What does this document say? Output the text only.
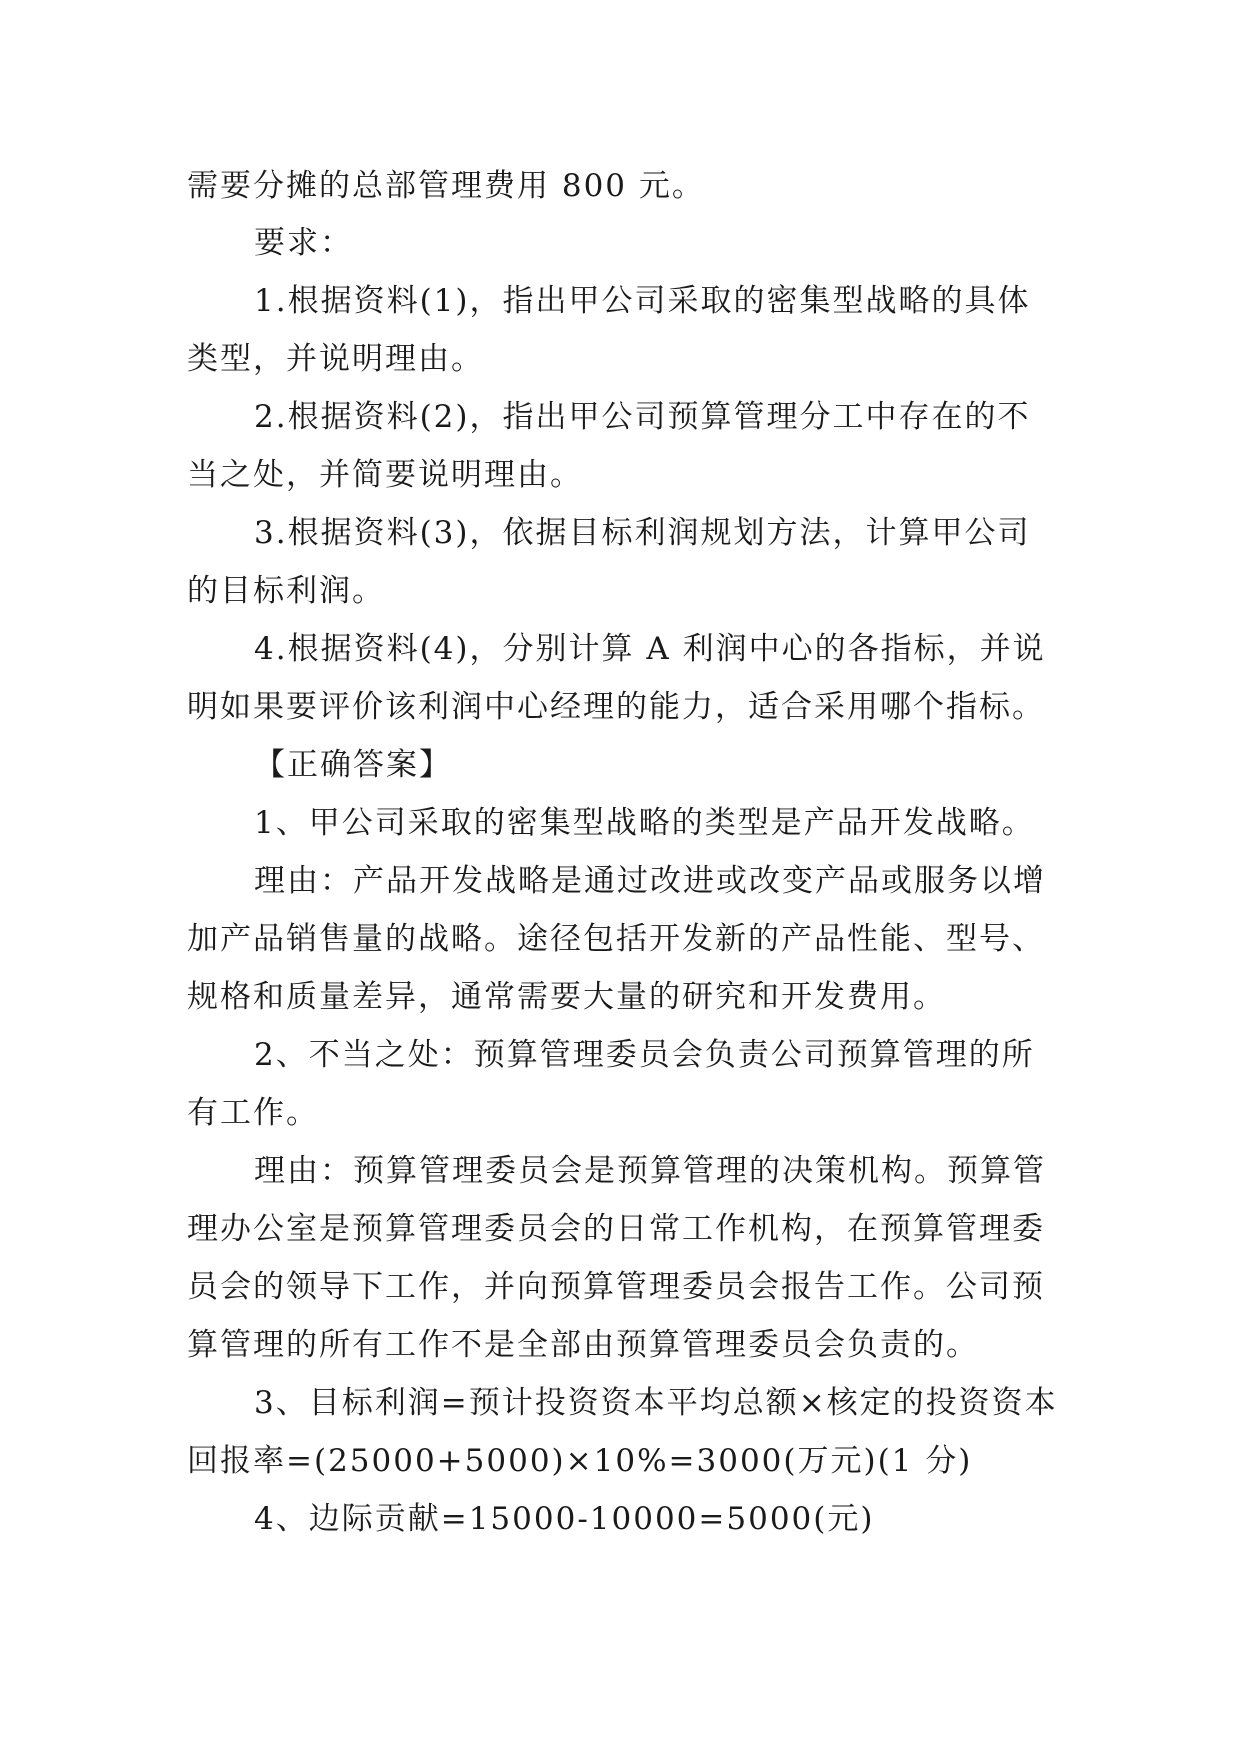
需要分摊的总部管理费用 800 元。
要求：
1.根据资料(1)，指出甲公司采取的密集型战略的具体
类型，并说明理由。
2.根据资料(2)，指出甲公司预算管理分工中存在的不
当之处，并简要说明理由。
3.根据资料(3)，依据目标利润规划方法，计算甲公司
的目标利润。
4.根据资料(4)，分别计算 A 利润中心的各指标，并说
明如果要评价该利润中心经理的能力，适合采用哪个指标。
【正确答案】
1、甲公司采取的密集型战略的类型是产品开发战略。
理由：产品开发战略是通过改进或改变产品或服务以增
加产品销售量的战略。途径包括开发新的产品性能、型号、
规格和质量差异，通常需要大量的研究和开发费用。
2、不当之处：预算管理委员会负责公司预算管理的所
有工作。
理由：预算管理委员会是预算管理的决策机构。预算管
理办公室是预算管理委员会的日常工作机构，在预算管理委
员会的领导下工作，并向预算管理委员会报告工作。公司预
算管理的所有工作不是全部由预算管理委员会负责的。
3、目标利润=预计投资资本平均总额×核定的投资资本
回报率=(25000+5000)×10%=3000(万元)(1 分)
4、边际贡献=15000-10000=5000(元)
